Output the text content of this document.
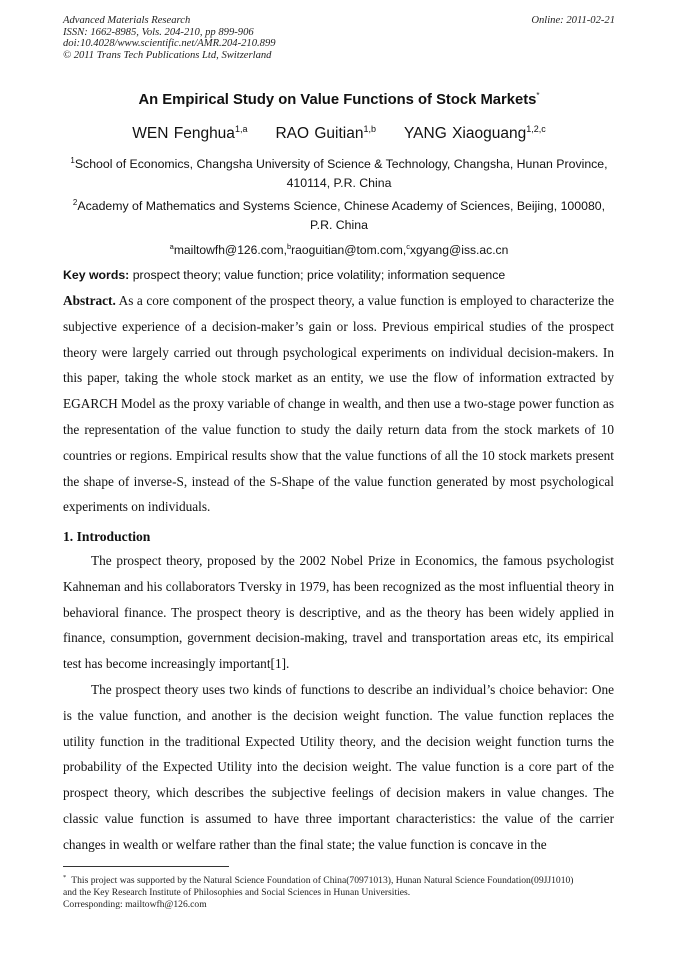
Advanced Materials Research
ISSN: 1662-8985, Vols. 204-210, pp 899-906
doi:10.4028/www.scientific.net/AMR.204-210.899
© 2011 Trans Tech Publications Ltd, Switzerland
Online: 2011-02-21
An Empirical Study on Value Functions of Stock Markets*
WEN Fenghua$^{1,a}$ RAO Guitian$^{1,b}$ YANG Xiaoguang$^{1,2,c}$
$^1$School of Economics, Changsha University of Science & Technology, Changsha, Hunan Province, 410114, P.R. China
$^2$Academy of Mathematics and Systems Science, Chinese Academy of Sciences, Beijing, 100080, P.R. China
$^a$mailtowfh@126.com,$^b$raoguitian@tom.com,$^c$xgyang@iss.ac.cn
Key words: prospect theory; value function; price volatility; information sequence
Abstract. As a core component of the prospect theory, a value function is employed to characterize the subjective experience of a decision-maker’s gain or loss. Previous empirical studies of the prospect theory were largely carried out through psychological experiments on individual decision-makers. In this paper, taking the whole stock market as an entity, we use the flow of information extracted by EGARCH Model as the proxy variable of change in wealth, and then use a two-stage power function as the representation of the value function to study the daily return data from the stock markets of 10 countries or regions. Empirical results show that the value functions of all the 10 stock markets present the shape of inverse-S, instead of the S-Shape of the value function generated by most psychological experiments on individuals.
1. Introduction
The prospect theory, proposed by the 2002 Nobel Prize in Economics, the famous psychologist Kahneman and his collaborators Tversky in 1979, has been recognized as the most influential theory in behavioral finance. The prospect theory is descriptive, and as the theory has been widely applied in finance, consumption, government decision-making, travel and transportation areas etc, its empirical test has become increasingly important[1].
The prospect theory uses two kinds of functions to describe an individual’s choice behavior: One is the value function, and another is the decision weight function. The value function replaces the utility function in the traditional Expected Utility theory, and the decision weight function turns the probability of the Expected Utility into the decision weight. The value function is a core part of the prospect theory, which describes the subjective feelings of decision makers in value changes. The classic value function is assumed to have three important characteristics: the value of the carrier changes in wealth or welfare rather than the final state; the value function is concave in the
* This project was supported by the Natural Science Foundation of China(70971013), Hunan Natural Science Foundation(09JJ1010)
and the Key Research Institute of Philosophies and Social Sciences in Hunan Universities.
Corresponding: mailtowfh@126.com
